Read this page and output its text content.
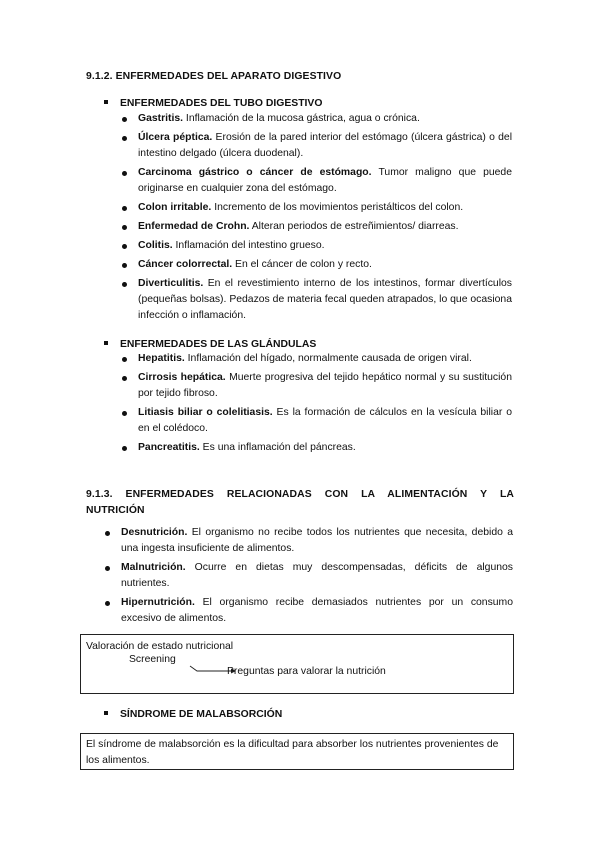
9.1.2. ENFERMEDADES DEL APARATO DIGESTIVO
ENFERMEDADES DEL TUBO DIGESTIVO
Gastritis. Inflamación de la mucosa gástrica, agua o crónica.
Úlcera péptica. Erosión de la pared interior del estómago (úlcera gástrica) o del intestino delgado (úlcera duodenal).
Carcinoma gástrico o cáncer de estómago. Tumor maligno que puede originarse en cualquier zona del estómago.
Colon irritable. Incremento de los movimientos peristálticos del colon.
Enfermedad de Crohn. Alteran periodos de estreñimientos/ diarreas.
Colitis. Inflamación del intestino grueso.
Cáncer colorrectal. En el cáncer de colon y recto.
Diverticulitis. En el revestimiento interno de los intestinos, formar divertículos (pequeñas bolsas). Pedazos de materia fecal queden atrapados, lo que ocasiona infección o inflamación.
ENFERMEDADES DE LAS GLÁNDULAS
Hepatitis. Inflamación del hígado, normalmente causada de origen viral.
Cirrosis hepática. Muerte progresiva del tejido hepático normal y su sustitución por tejido fibroso.
Litiasis biliar o colelitiasis. Es la formación de cálculos en la vesícula biliar o en el colédoco.
Pancreatitis. Es una inflamación del páncreas.
9.1.3. ENFERMEDADES RELACIONADAS CON LA ALIMENTACIÓN Y LA NUTRICIÓN
Desnutrición. El organismo no recibe todos los nutrientes que necesita, debido a una ingesta insuficiente de alimentos.
Malnutrición. Ocurre en dietas muy descompensadas, déficits de algunos nutrientes.
Hipernutrición. El organismo recibe demasiados nutrientes por un consumo excesivo de alimentos.
Valoración de estado nutricional
Screening
Preguntas para valorar la nutrición
SÍNDROME DE MALABSORCIÓN
El síndrome de malabsorción es la dificultad para absorber los nutrientes provenientes de los alimentos.
